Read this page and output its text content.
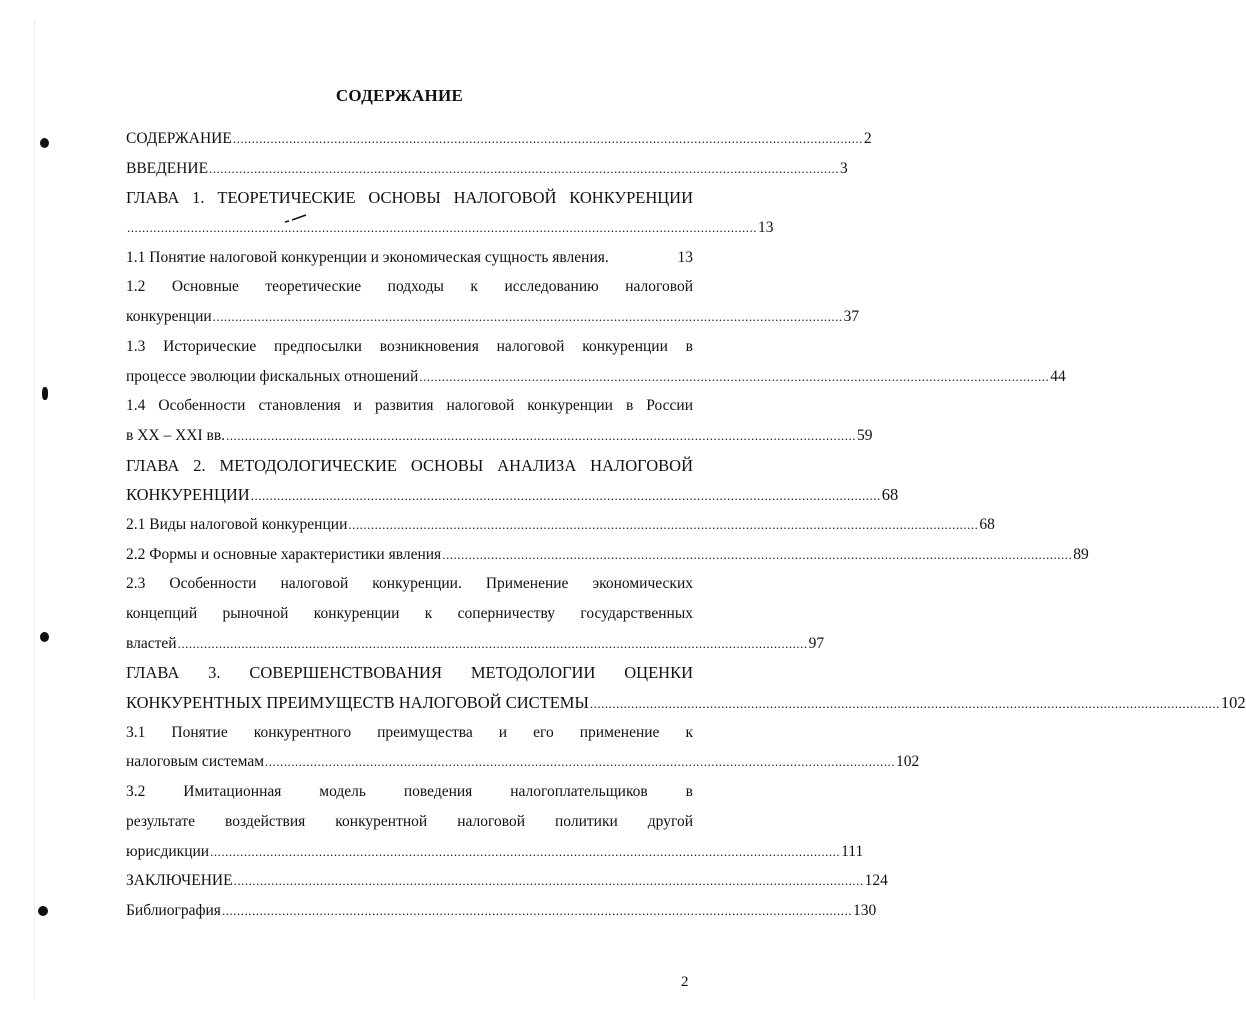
СОДЕРЖАНИЕ
СОДЕРЖАНИЕ ........................................................................................................................................................................ 2
ВВЕДЕНИЕ ........................................................................................................................................................................ 3
ГЛАВА 1. ТЕОРЕТИЧЕСКИЕ ОСНОВЫ НАЛОГОВОЙ КОНКУРЕНЦИИ
........................................................................................................................................................................ 13
1.1 Понятие налоговой конкуренции и экономическая сущность явления.	13
1.2 Основные теоретические подходы к исследованию налоговой
конкуренции ........................................................................................................................................................................ 37
1.3 Исторические предпосылки возникновения налоговой конкуренции в
процессе эволюции фискальных отношений ........................................................................................................................................................................ 44
1.4 Особенности становления и развития налоговой конкуренции в России
в XX – XXI вв. ........................................................................................................................................................................ 59
ГЛАВА 2. МЕТОДОЛОГИЧЕСКИЕ ОСНОВЫ АНАЛИЗА НАЛОГОВОЙ
КОНКУРЕНЦИИ ........................................................................................................................................................................ 68
2.1 Виды налоговой конкуренции ........................................................................................................................................................................ 68
2.2 Формы и основные характеристики явления ........................................................................................................................................................................ 89
2.3 Особенности налоговой конкуренции. Применение экономических
концепций рыночной конкуренции к соперничеству государственных
властей ........................................................................................................................................................................ 97
ГЛАВА 3. СОВЕРШЕНСТВОВАНИЯ МЕТОДОЛОГИИ ОЦЕНКИ
КОНКУРЕНТНЫХ ПРЕИМУЩЕСТВ НАЛОГОВОЙ СИСТЕМЫ ........................................................................................................................................................................ 102
3.1 Понятие конкурентного преимущества и его применение к
налоговым системам ........................................................................................................................................................................ 102
3.2 Имитационная модель поведения налогоплательщиков в
результате воздействия конкурентной налоговой политики другой
юрисдикции ........................................................................................................................................................................ 111
ЗАКЛЮЧЕНИЕ ........................................................................................................................................................................ 124
Библиография ........................................................................................................................................................................ 130
2
